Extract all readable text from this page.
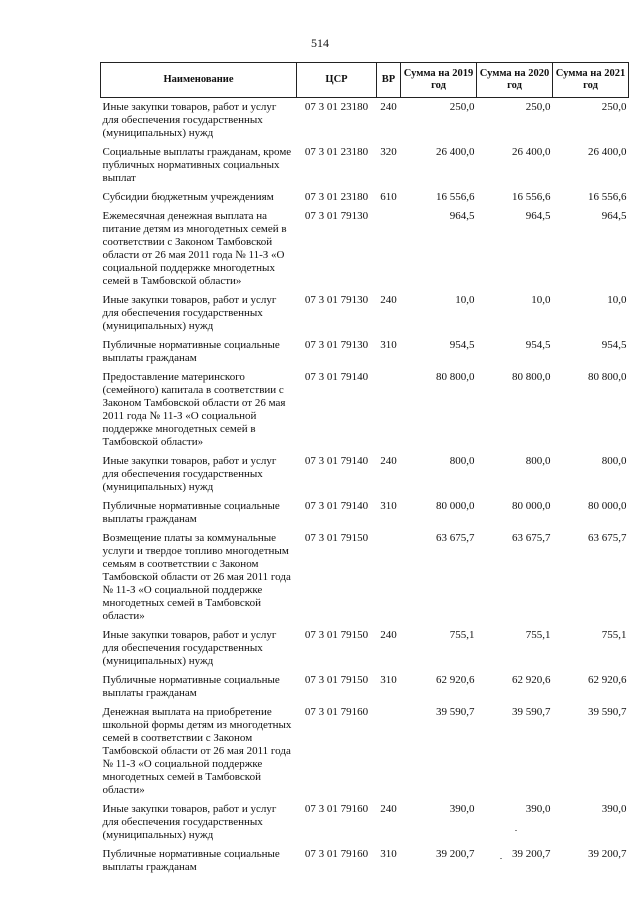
514
Наименование	ЦСР	ВР	Сумма на 2019 год	Сумма на 2020 год	Сумма на 2021 год
Иные закупки товаров, работ и услуг для обеспечения государственных (муниципальных) нужд	07 3 01 23180	240	250,0	250,0	250,0
Социальные выплаты гражданам, кроме публичных нормативных социальных выплат	07 3 01 23180	320	26 400,0	26 400,0	26 400,0
Субсидии бюджетным учреждениям	07 3 01 23180	610	16 556,6	16 556,6	16 556,6
Ежемесячная денежная выплата на питание детям из многодетных семей в соответствии с Законом Тамбовской области от 26 мая 2011 года № 11-З «О социальной поддержке многодетных семей в Тамбовской области»	07 3 01 79130		964,5	964,5	964,5
Иные закупки товаров, работ и услуг для обеспечения государственных (муниципальных) нужд	07 3 01 79130	240	10,0	10,0	10,0
Публичные нормативные социальные выплаты гражданам	07 3 01 79130	310	954,5	954,5	954,5
Предоставление материнского (семейного) капитала в соответствии с Законом Тамбовской области от 26 мая 2011 года № 11-З «О социальной поддержке многодетных семей в Тамбовской области»	07 3 01 79140		80 800,0	80 800,0	80 800,0
Иные закупки товаров, работ и услуг для обеспечения государственных (муниципальных) нужд	07 3 01 79140	240	800,0	800,0	800,0
Публичные нормативные социальные выплаты гражданам	07 3 01 79140	310	80 000,0	80 000,0	80 000,0
Возмещение платы за коммунальные услуги и твердое топливо многодетным семьям в соответствии с Законом Тамбовской области от 26 мая 2011 года № 11-З «О социальной поддержке многодетных семей в Тамбовской области»	07 3 01 79150		63 675,7	63 675,7	63 675,7
Иные закупки товаров, работ и услуг для обеспечения государственных (муниципальных) нужд	07 3 01 79150	240	755,1	755,1	755,1
Публичные нормативные социальные выплаты гражданам	07 3 01 79150	310	62 920,6	62 920,6	62 920,6
Денежная выплата на приобретение школьной формы детям из многодетных семей в соответствии с Законом Тамбовской области от 26 мая 2011 года № 11-З «О социальной поддержке многодетных семей в Тамбовской области»	07 3 01 79160		39 590,7	39 590,7	39 590,7
Иные закупки товаров, работ и услуг для обеспечения государственных (муниципальных) нужд	07 3 01 79160	240	390,0	390,0	390,0
Публичные нормативные социальные выплаты гражданам	07 3 01 79160	310	39 200,7	39 200,7	39 200,7
